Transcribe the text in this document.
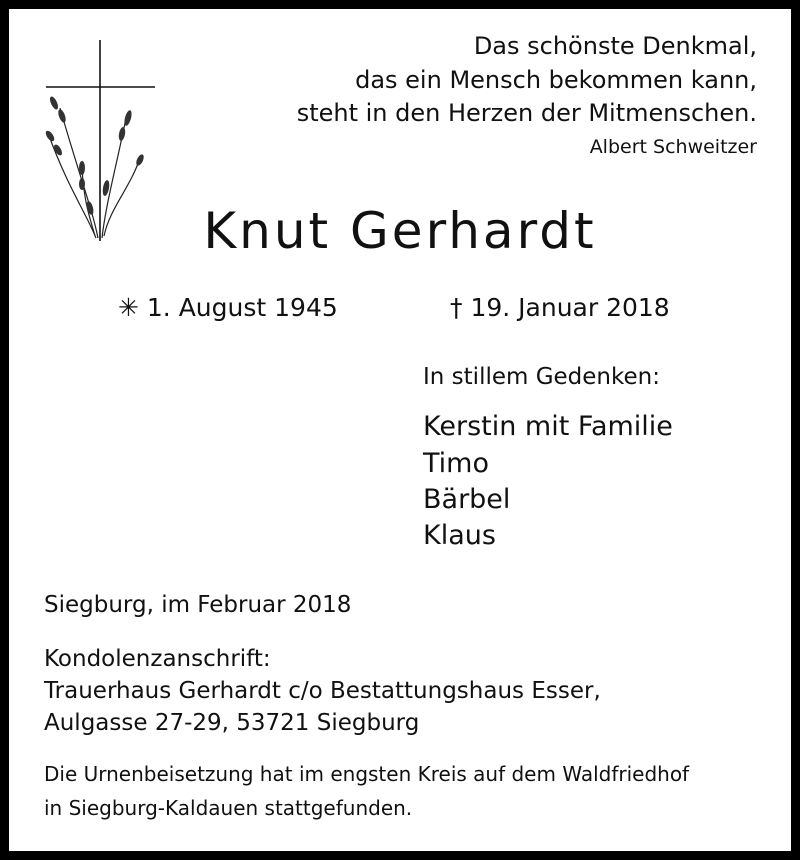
Das schönste Denkmal,
das ein Mensch bekommen kann,
steht in den Herzen der Mitmenschen.
Albert Schweitzer
Knut Gerhardt
✳ 1. August 1945	† 19. Januar 2018
In stillem Gedenken:
Kerstin mit Familie
Timo
Bärbel
Klaus
Siegburg, im Februar 2018
Kondolenzanschrift:
Trauerhaus Gerhardt c/o Bestattungshaus Esser,
Aulgasse 27-29, 53721 Siegburg
Die Urnenbeisetzung hat im engsten Kreis auf dem Waldfriedhof
in Siegburg-Kaldauen stattgefunden.
